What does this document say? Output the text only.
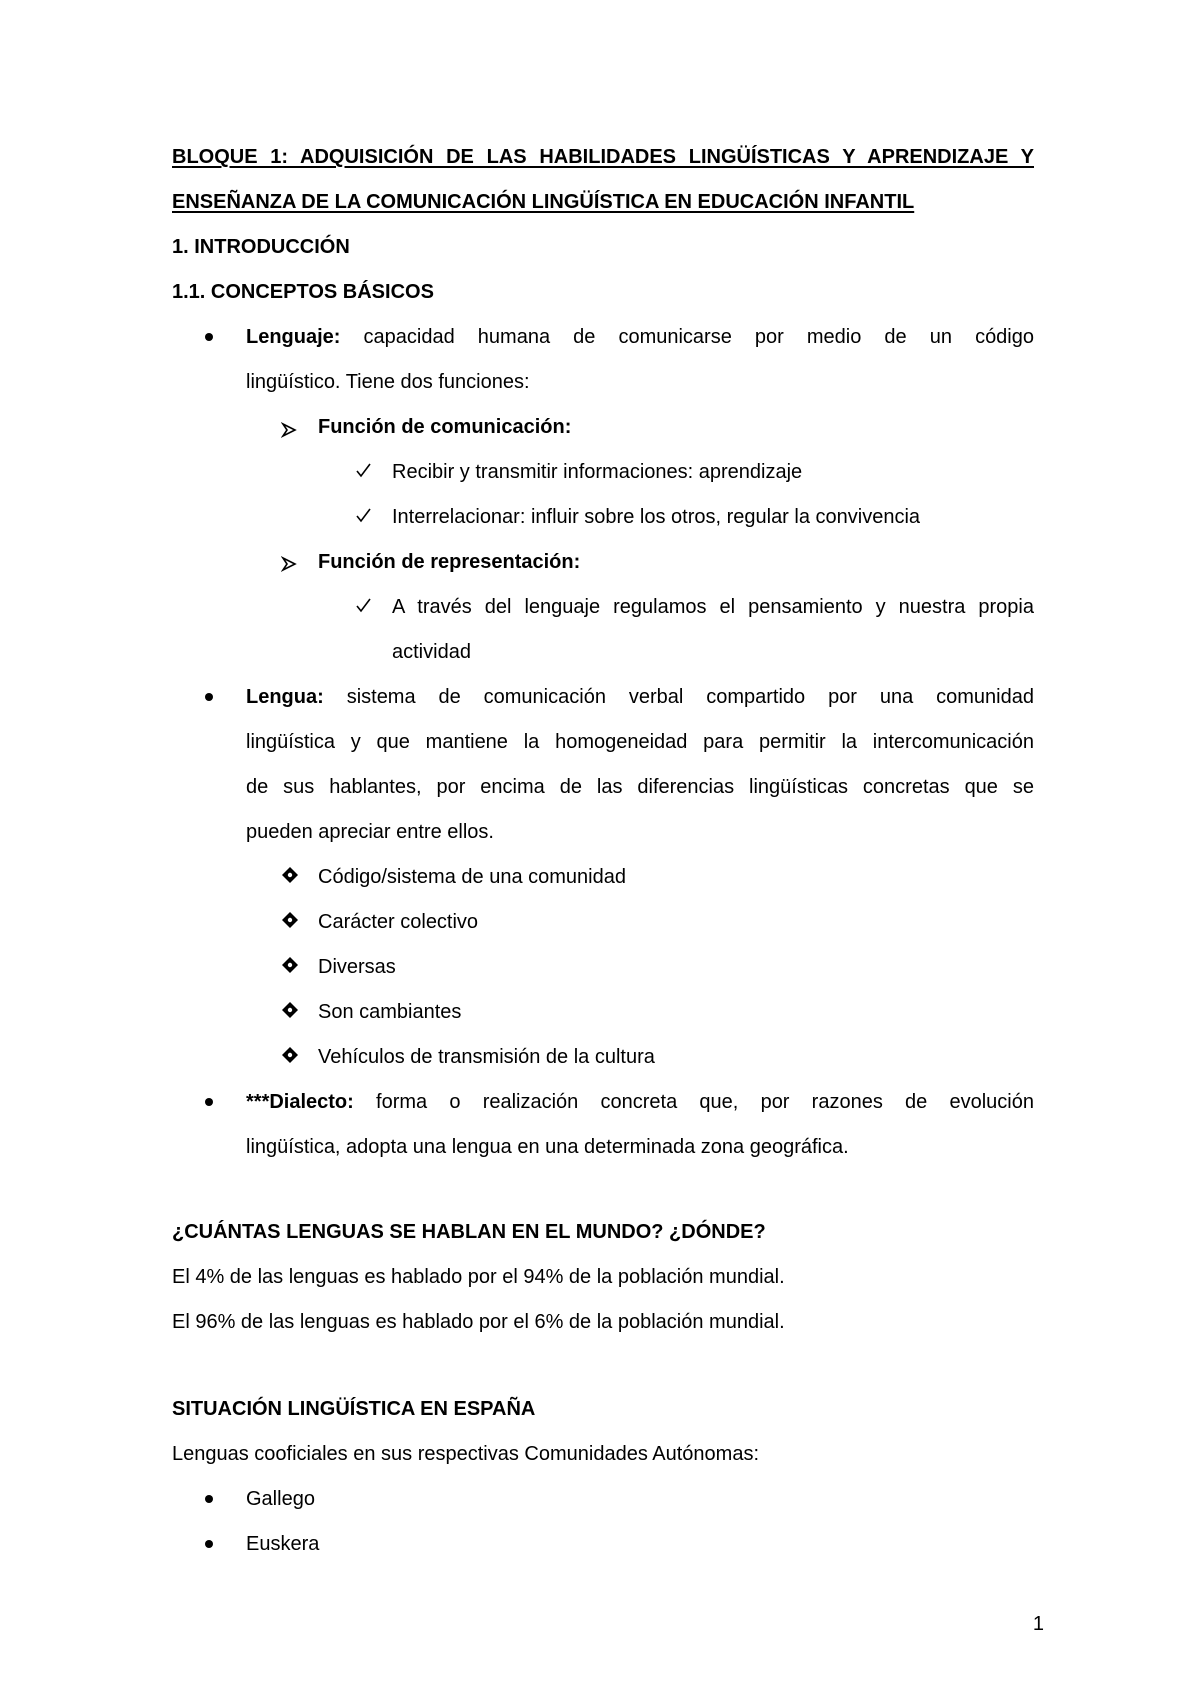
BLOQUE 1: ADQUISICIÓN DE LAS HABILIDADES LINGÜÍSTICAS Y APRENDIZAJE Y
ENSEÑANZA DE LA COMUNICACIÓN LINGÜÍSTICA EN EDUCACIÓN INFANTIL
1. INTRODUCCIÓN
1.1. CONCEPTOS BÁSICOS
Lenguaje: capacidad humana de comunicarse por medio de un código
lingüístico. Tiene dos funciones:
Función de comunicación:
Recibir y transmitir informaciones: aprendizaje
Interrelacionar: influir sobre los otros, regular la convivencia
Función de representación:
A través del lenguaje regulamos el pensamiento y nuestra propia
actividad
Lengua: sistema de comunicación verbal compartido por una comunidad
lingüística y que mantiene la homogeneidad para permitir la intercomunicación
de sus hablantes, por encima de las diferencias lingüísticas concretas que se
pueden apreciar entre ellos.
Código/sistema de una comunidad
Carácter colectivo
Diversas
Son cambiantes
Vehículos de transmisión de la cultura
***Dialecto: forma o realización concreta que, por razones de evolución
lingüística, adopta una lengua en una determinada zona geográfica.
¿CUÁNTAS LENGUAS SE HABLAN EN EL MUNDO? ¿DÓNDE?
El 4% de las lenguas es hablado por el 94% de la población mundial.
El 96% de las lenguas es hablado por el 6% de la población mundial.
SITUACIÓN LINGÜÍSTICA EN ESPAÑA
Lenguas cooficiales en sus respectivas Comunidades Autónomas:
Gallego
Euskera
1
